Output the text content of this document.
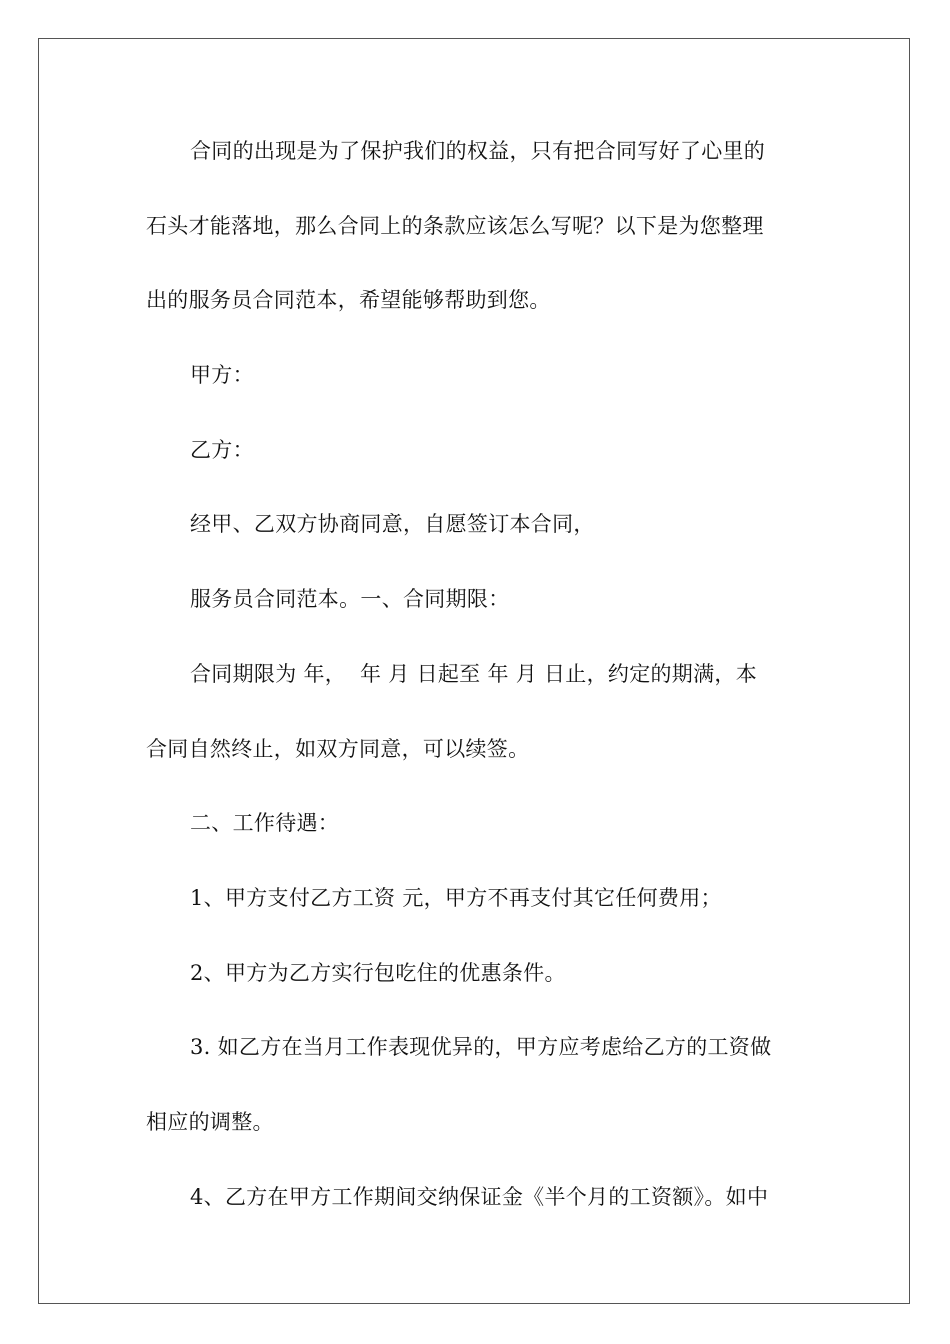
合同的出现是为了保护我们的权益，只有把合同写好了心里的
石头才能落地，那么合同上的条款应该怎么写呢？以下是为您整理
出的服务员合同范本，希望能够帮助到您。
甲方：
乙方：
经甲、乙双方协商同意，自愿签订本合同，
服务员合同范本。一、合同期限：
合同期限为 年，  年 月 日起至 年 月 日止，约定的期满，本
合同自然终止，如双方同意，可以续签。
二、工作待遇：
1、甲方支付乙方工资 元，甲方不再支付其它任何费用；
2、甲方为乙方实行包吃住的优惠条件。
3. 如乙方在当月工作表现优异的，甲方应考虑给乙方的工资做
相应的调整。
4、乙方在甲方工作期间交纳保证金《半个月的工资额》。如中
